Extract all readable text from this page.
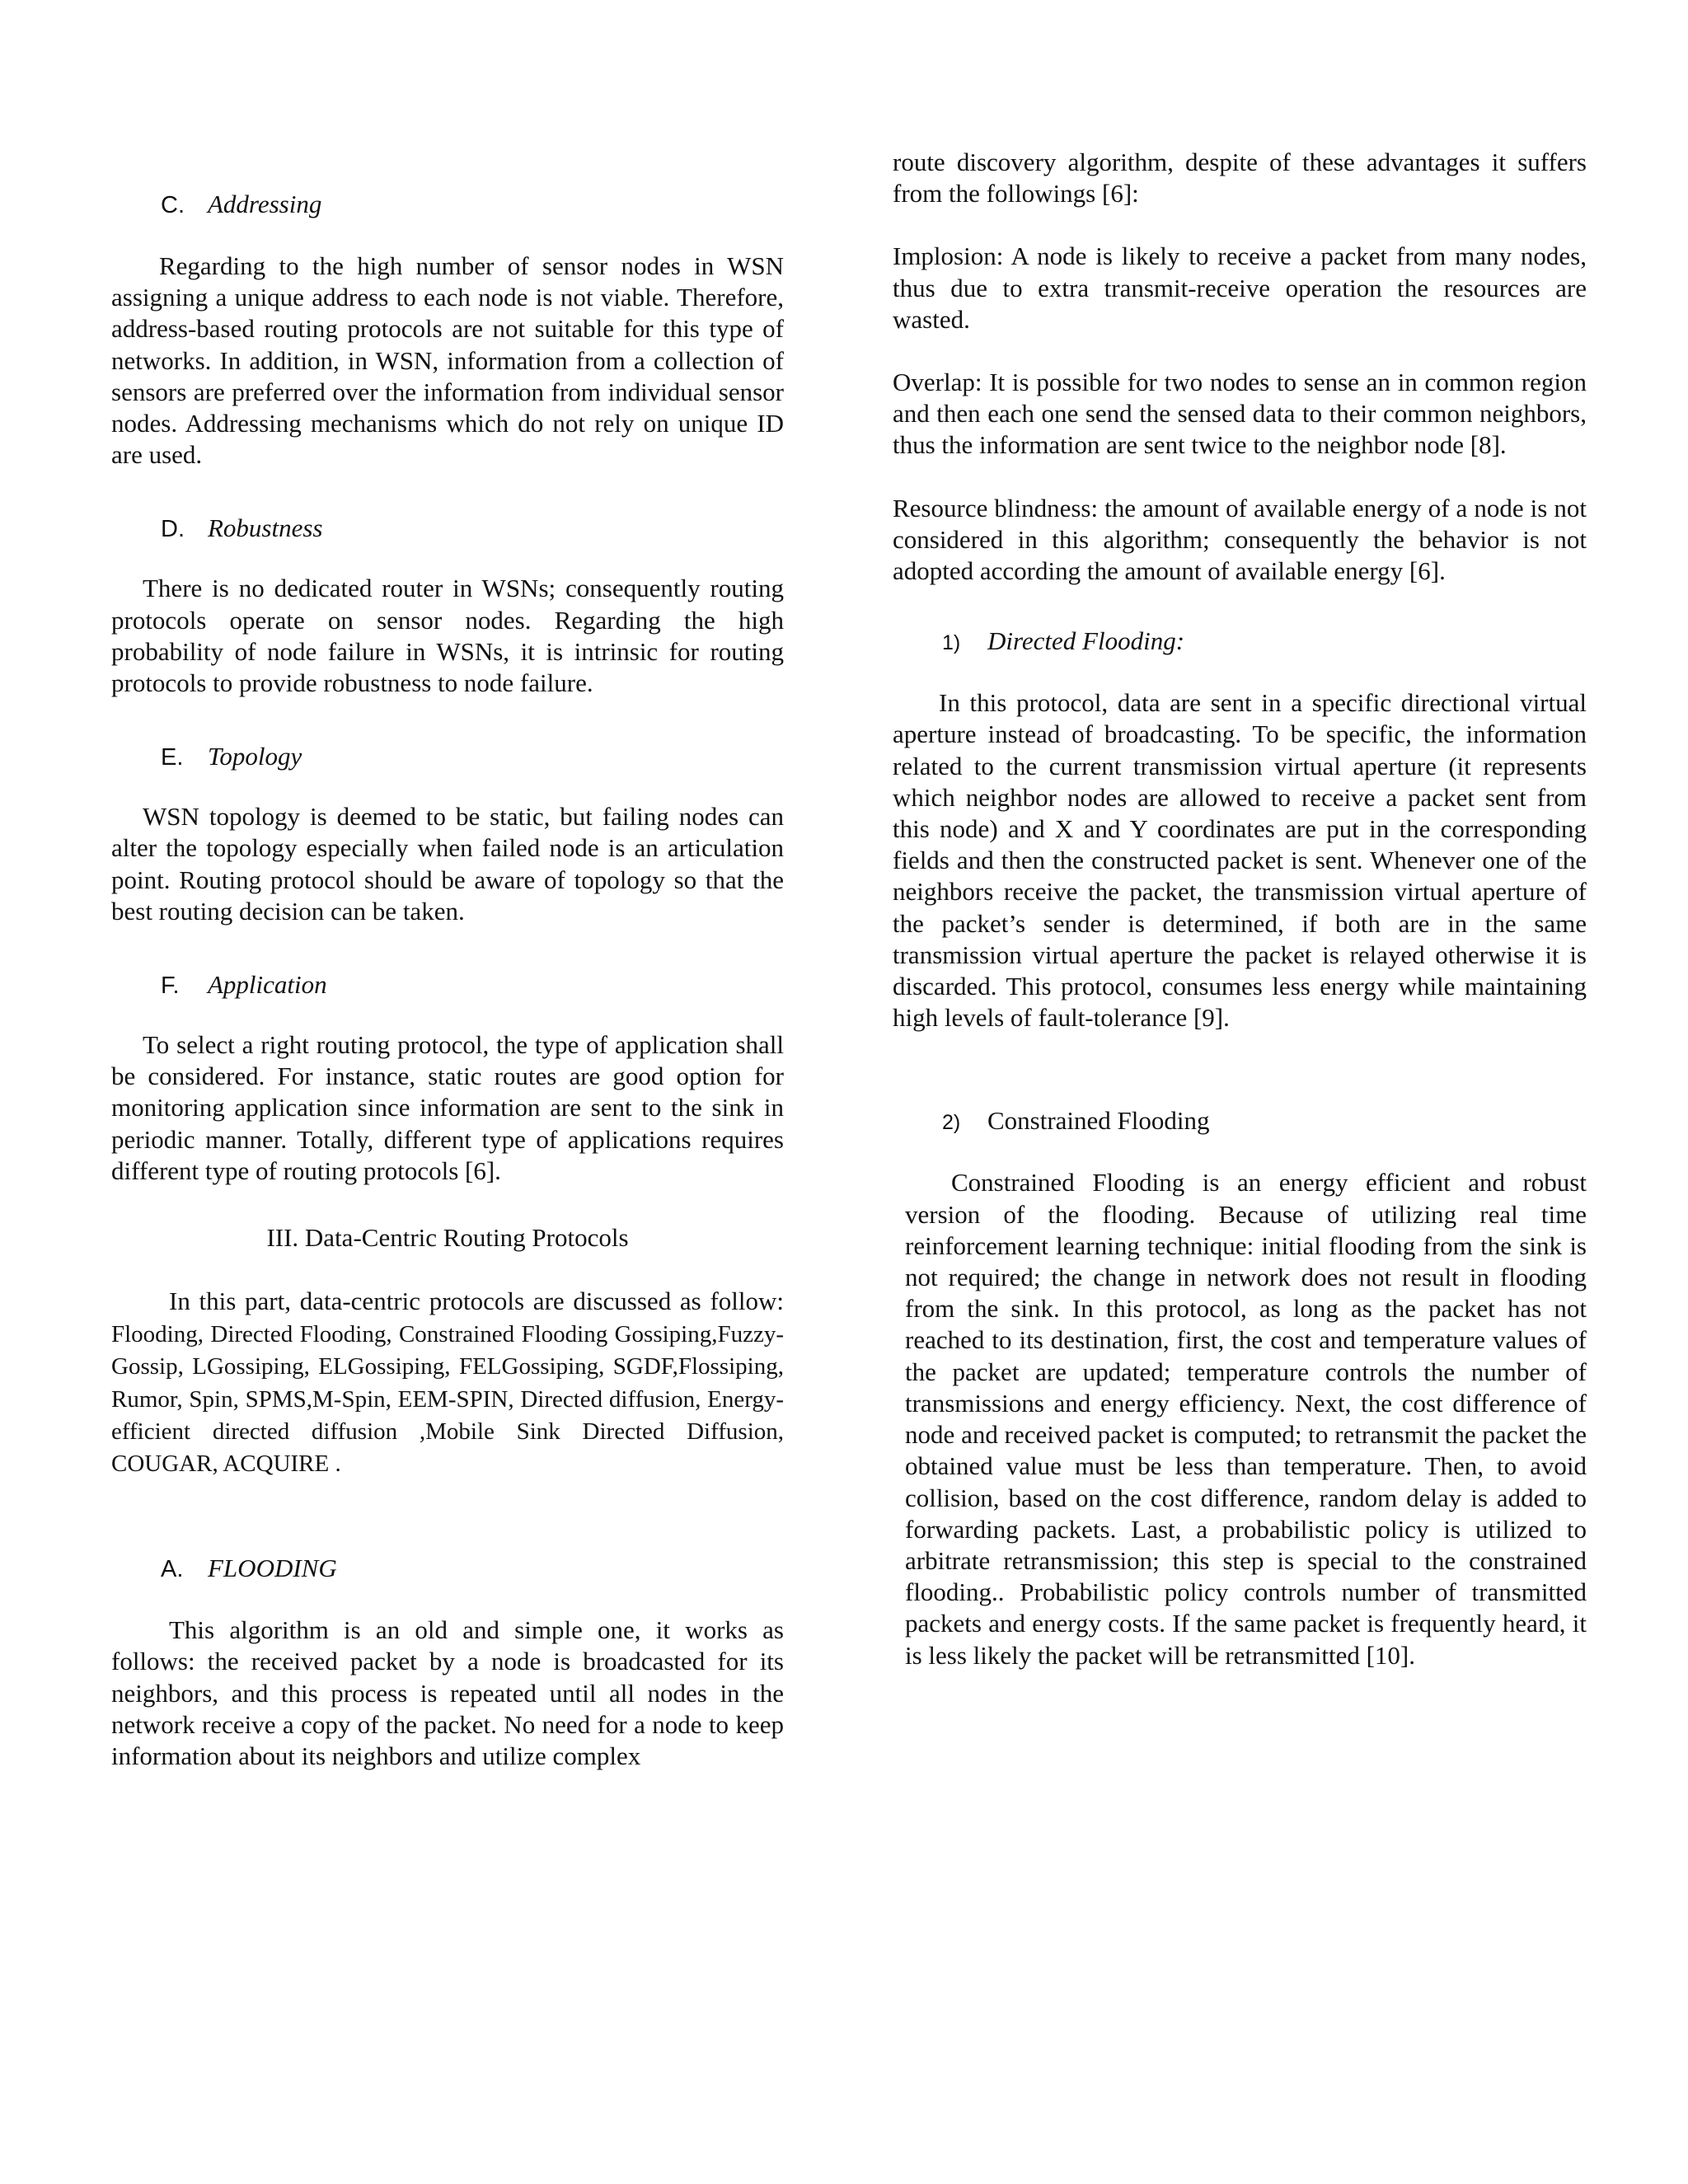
C. Addressing

Regarding to the high number of sensor nodes in WSN assigning a unique address to each node is not viable. Therefore, address-based routing protocols are not suitable for this type of networks. In addition, in WSN, information from a collection of sensors are preferred over the information from individual sensor nodes. Addressing mechanisms which do not rely on unique ID are used.

D. Robustness

There is no dedicated router in WSNs; consequently routing protocols operate on sensor nodes. Regarding the high probability of node failure in WSNs, it is intrinsic for routing protocols to provide robustness to node failure.

E. Topology

WSN topology is deemed to be static, but failing nodes can alter the topology especially when failed node is an articulation point. Routing protocol should be aware of topology so that the best routing decision can be taken.

F.	Application

To select a right routing protocol, the type of application shall be considered. For instance, static routes are good option for monitoring application since information are sent to the sink in periodic manner. Totally, different type of applications requires different type of routing protocols [6].

III. Data-Centric Routing Protocols

In this part, data-centric protocols are discussed as follow: Flooding, Directed Flooding, Constrained Flooding Gossiping,Fuzzy-Gossip, LGossiping, ELGossiping, FELGossiping, SGDF,Flossiping, Rumor, Spin, SPMS,M-Spin, EEM-SPIN, Directed diffusion, Energy-efficient directed diffusion ,Mobile Sink Directed Diffusion, COUGAR, ACQUIRE .

A. FLOODING

This algorithm is an old and simple one, it works as follows: the received packet by a node is broadcasted for its neighbors, and this process is repeated until all nodes in the network receive a copy of the packet. No need for a node to keep information about its neighbors and utilize complex

route discovery algorithm, despite of these advantages it suffers from the followings [6]:

Implosion: A node is likely to receive a packet from many nodes, thus due to extra transmit-receive operation the resources are wasted.

Overlap: It is possible for two nodes to sense an in common region and then each one send the sensed data to their common neighbors, thus the information are sent twice to the neighbor node [8].

Resource blindness: the amount of available energy of a node is not considered in this algorithm; consequently the behavior is not adopted according the amount of available energy [6].

1)	Directed Flooding:

In this protocol, data are sent in a specific directional virtual aperture instead of broadcasting. To be specific, the information related to the current transmission virtual aperture (it represents which neighbor nodes are allowed to receive a packet sent from this node) and X and Y coordinates are put in the corresponding fields and then the constructed packet is sent. Whenever one of the neighbors receive the packet, the transmission virtual aperture of the packet’s sender is determined, if both are in the same transmission virtual aperture the packet is relayed otherwise it is discarded. This protocol, consumes less energy while maintaining high levels of fault-tolerance [9].

2)	Constrained Flooding

Constrained Flooding is an energy efficient and robust version of the flooding. Because of utilizing real time reinforcement learning technique: initial flooding from the sink is not required; the change in network does not result in flooding from the sink. In this protocol, as long as the packet has not reached to its destination, first, the cost and temperature values of the packet are updated; temperature controls the number of transmissions and energy efficiency. Next, the cost difference of node and received packet is computed; to retransmit the packet the obtained value must be less than temperature. Then, to avoid collision, based on the cost difference, random delay is added to forwarding packets. Last, a probabilistic policy is utilized to arbitrate retransmission; this step is special to the constrained flooding.. Probabilistic policy controls number of transmitted packets and energy costs. If the same packet is frequently heard, it is less likely the packet will be retransmitted [10].
